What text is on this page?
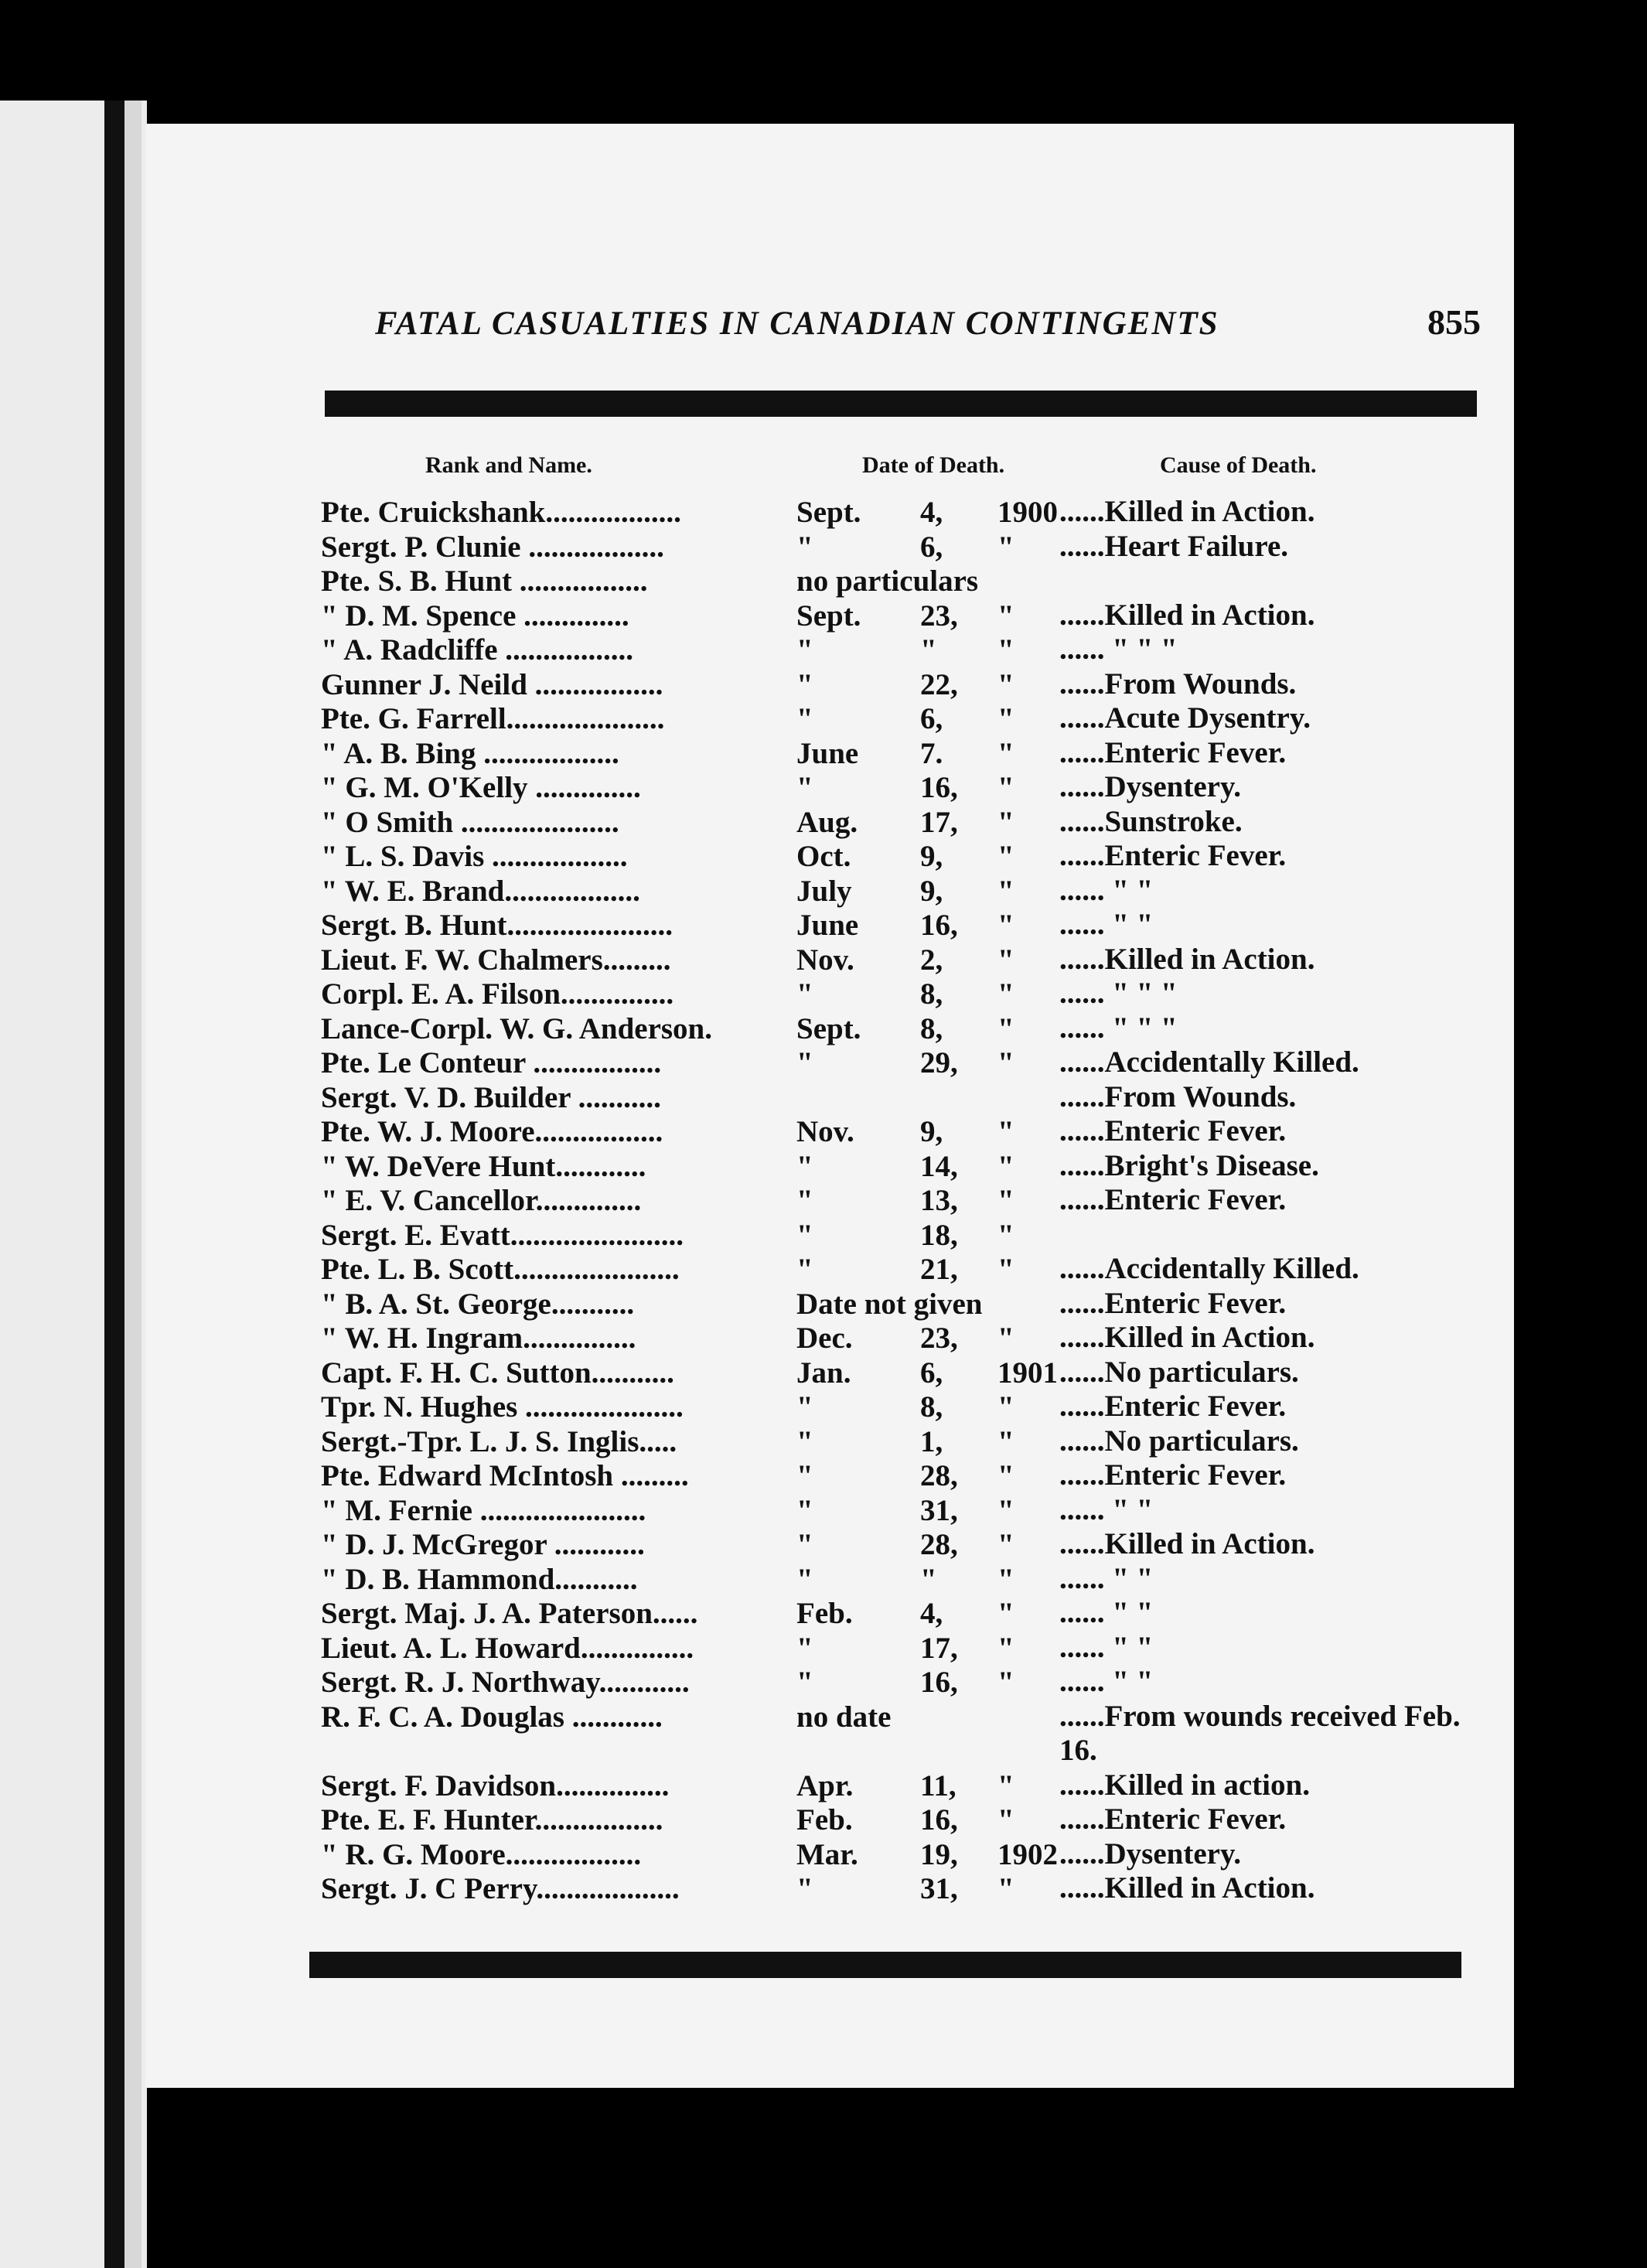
FATAL CASUALTIES IN CANADIAN CONTINGENTS	855
Rank and Name.	Date of Death.	Cause of Death.
Pte. Cruickshank..................	Sept.	4,	1900 ......Killed in Action.
Sergt. P. Clunie ..................	"	6,	"	......Heart Failure.
Pte. S. B. Hunt .................	no particulars
" D. M. Spence ..............	Sept.	23,	"	......Killed in Action.
" A. Radcliffe .................	"	"	"	...... " " "
Gunner J. Neild .................	"	22,	"	......From Wounds.
Pte. G. Farrell.....................	"	6,	"	......Acute Dysentry.
" A. B. Bing ..................	June	7.	"	......Enteric Fever.
" G. M. O'Kelly ..............	"	16,	"	......Dysentery.
" O Smith .....................	Aug.	17,	"	......Sunstroke.
" L. S. Davis ..................	Oct.	9,	"	......Enteric Fever.
" W. E. Brand..................	July	9,	"	...... " "
Sergt. B. Hunt......................	June	16,	"	...... " "
Lieut. F. W. Chalmers.........	Nov.	2,	"	......Killed in Action.
Corpl. E. A. Filson...............	"	8,	"	...... " " "
Lance-Corpl. W. G. Anderson.	Sept.	8,	"	...... " " "
Pte. Le Conteur .................	"	29,	"	......Accidentally Killed.
Sergt. V. D. Builder ...........	......From Wounds.
Pte. W. J. Moore.................	Nov.	9,	"	......Enteric Fever.
" W. DeVere Hunt............	"	14,	"	......Bright's Disease.
" E. V. Cancellor..............	"	13,	"	......Enteric Fever.
Sergt. E. Evatt.......................	"	18,	"
Pte. L. B. Scott......................	"	21,	"	......Accidentally Killed.
" B. A. St. George...........	Date not given	......Enteric Fever.
" W. H. Ingram...............	Dec.	23,	"	......Killed in Action.
Capt. F. H. C. Sutton...........	Jan.	6,	1901 ......No particulars.
Tpr. N. Hughes .....................	"	8,	"	......Enteric Fever.
Sergt.-Tpr. L. J. S. Inglis.....	"	1,	"	......No particulars.
Pte. Edward McIntosh .........	"	28,	"	......Enteric Fever.
" M. Fernie ......................	"	31,	"	...... " "
" D. J. McGregor ............	"	28,	"	......Killed in Action.
" D. B. Hammond...........	"	"	"	...... " "
Sergt. Maj. J. A. Paterson......	Feb.	4,	"	...... " "
Lieut. A. L. Howard...............	"	17,	"	...... " "
Sergt. R. J. Northway............	"	16,	"	...... " "
R. F. C. A. Douglas ............	no date	......From wounds received Feb. 16.
Sergt. F. Davidson...............	Apr.	11,	"	......Killed in action.
Pte. E. F. Hunter.................	Feb.	16,	"	......Enteric Fever.
" R. G. Moore..................	Mar.	19,	1902 ......Dysentery.
Sergt. J. C Perry...................	"	31,	"	......Killed in Action.
